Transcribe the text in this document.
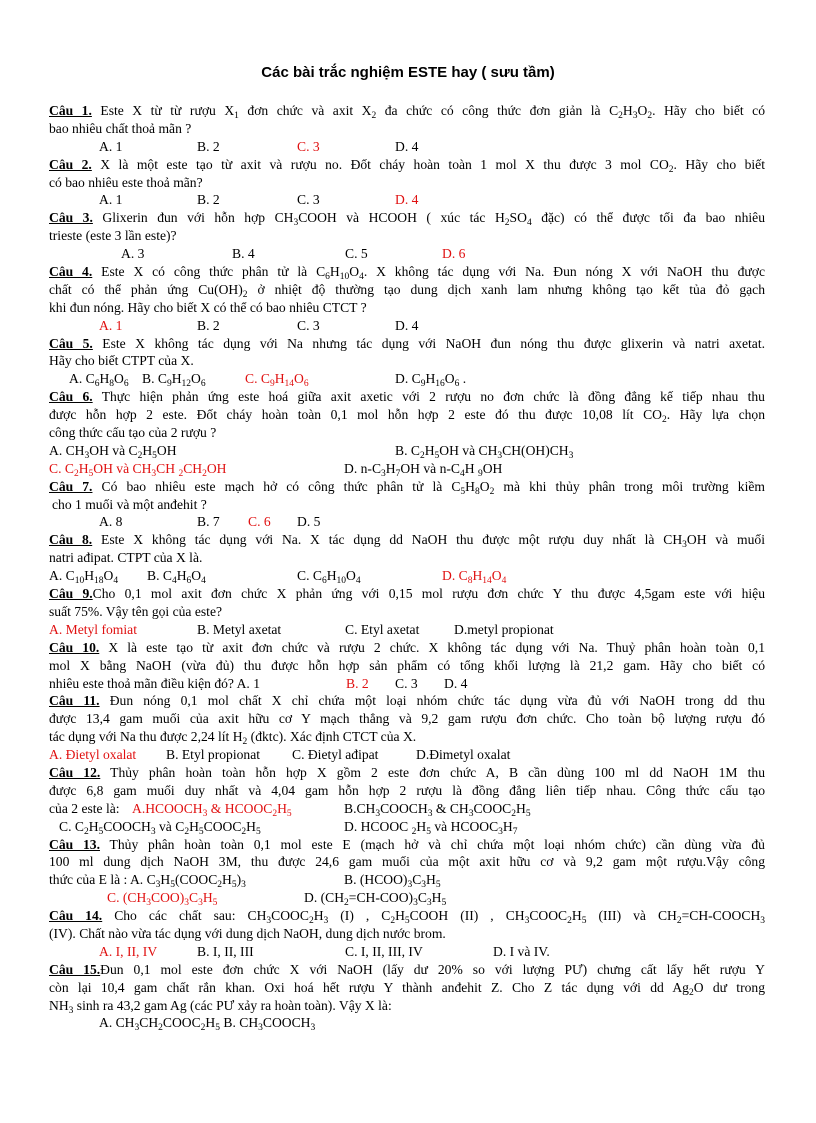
Các bài trắc nghiệm ESTE hay ( sưu tầm)
Câu 1. Este X từ từ rượu $X_1$ đơn chức và axit $X_2$ đa chức có công thức đơn giản là $C_2H_3O_2$. Hãy cho biết có
bao nhiêu chất thoả mãn ?
A. 1	B. 2	C. 3	D. 4
Câu 2. X là một este tạo từ axit và rượu no. Đốt cháy hoàn toàn 1 mol X thu được 3 mol $CO_2$. Hãy cho biết
có bao nhiêu este thoả mãn?
A. 1	B. 2	C. 3	D. 4
Câu 3. Glixerin đun với hỗn hợp $CH_3COOH$ và HCOOH ( xúc tác $H_2SO_4$ đặc) có thể được tối đa bao nhiêu
trieste (este 3 lần este)?
A. 3	B. 4	C. 5	D. 6
Câu 4. Este X có công thức phân tử là $C_6H_{10}O_4$. X không tác dụng với Na. Đun nóng X với NaOH thu được
chất có thể phản ứng $Cu(OH)_2$ ở nhiệt độ thường tạo dung dịch xanh lam nhưng không tạo kết tủa đỏ gạch
khi đun nóng. Hãy cho biết X có thể có bao nhiêu CTCT ?
A. 1	B. 2	C. 3	D. 4
Câu 5. Este X không tác dụng với Na nhưng tác dụng với NaOH đun nóng thu được glixerin và natri axetat.
Hãy cho biết CTPT của X.
A. $C_6H_8O_6$ B. $C_9H_{12}O_6$	C. $C_9H_{14}O_6$	D. $C_9H_{16}O_6$ .
Câu 6. Thực hiện phản ứng este hoá giữa axit axetic với 2 rượu no đơn chức là đồng đẳng kế tiếp nhau thu
được hỗn hợp 2 este. Đốt cháy hoàn toàn 0,1 mol hỗn hợp 2 este đó thu được 10,08 lít $CO_2$. Hãy lựa chọn
công thức cấu tạo của 2 rượu ?
A. $CH_3OH$ và $C_2H_5OH$	B. $C_2H_5OH$ và $CH_3CH(OH)CH_3$
C. $C_2H_5OH$ và $CH_3CH$ $_2CH_2OH$	D. $n-C_3H_7OH$ và $n-C_4H$ $_9$OH
Câu 7. Có bao nhiêu este mạch hở có công thức phân tử là $C_5H_8O_2$ mà khi thủy phân trong môi trường kiềm
cho 1 muối và một anđehit ?
A. 8	B. 7 C. 6 D. 5
Câu 8. Este X không tác dụng với Na. X tác dụng dd NaOH thu được một rượu duy nhất là $CH_3OH$ và muối
natri ađipat. CTPT của X là.
A. $C_{10}H_{18}O_4$ B. $C_4H_6O_4$	C. $C_6H_{10}O_4$	D. $C_8H_{14}O_4$
Câu 9.Cho 0,1 mol axit đơn chức X phản ứng với 0,15 mol rượu đơn chức Y thu được 4,5gam este với hiệu
suất 75%. Vậy tên gọi của este?
A. Metyl fomiat	B. Metyl axetat	C. Etyl axetat	D.metyl propionat
Câu 10. X là este tạo từ axit đơn chức và rượu 2 chức. X không tác dụng với Na. Thuỷ phân hoàn toàn 0,1
mol X bằng NaOH (vừa đủ) thu được hỗn hợp sản phẩm có tổng khối lượng là 21,2 gam. Hãy cho biết có
nhiêu este thoả mãn điều kiện đó? A. 1	B. 2 C. 3 D. 4
Câu 11. Đun nóng 0,1 mol chất X chỉ chứa một loại nhóm chức tác dụng vừa đủ với NaOH trong dd thu
được 13,4 gam muối của axit hữu cơ Y mạch thẳng và 9,2 gam rượu đơn chức. Cho toàn bộ lượng rượu đó
tác dụng với Na thu được 2,24 lít $H_2$ (đktc). Xác định CTCT của X.
A. Đietyl oxalat B. Etyl propionat C. Đietyl ađipat	D.Đimetyl oxalat
Câu 12. Thủy phân hoàn toàn hỗn hợp X gồm 2 este đơn chức A, B cần dùng 100 ml dd NaOH 1M thu
được 6,8 gam muối duy nhất và 4,04 gam hỗn hợp 2 rượu là đồng đẳng liên tiếp nhau. Công thức cấu tạo
của 2 este là: $A.HCOOCH_3$ & $HCOOC_2H_5$	$B.CH_3COOCH_3$ & $CH_3COOC_2H_5$
C. $C_2H_5COOCH_3$ và $C_2H_5COOC_2H_5$	D. HCOOC $_2H_5$ và $HCOOC_3H_7$
Câu 13. Thủy phân hoàn toàn 0,1 mol este E (mạch hở và chỉ chứa một loại nhóm chức) cần dùng vừa đủ
100 ml dung dịch NaOH 3M, thu được 24,6 gam muối của một axit hữu cơ và 9,2 gam một rượu.Vậy công
thức của E là : A. $C_3H_5(COOC_2H_5)_3$	B. $(HCOO)_3C_3H_5$
C. $(CH_3COO)_3C_3H_5$	D. $(CH_2=CH-COO)_3C_3H_5$
Câu 14. Cho các chất sau: $CH_3COOC_2H_3$ (I) , $C_2H_5COOH$ (II) , $CH_3COOC_2H_5$ (III) và $CH_2=CH-COOCH_3$
(IV). Chất nào vừa tác dụng với dung dịch NaOH, dung dịch nước brom.
A. I, II, IV	B. I, II, III	C. I, II, III, IV	D. I và IV.
Câu 15.Đun 0,1 mol este đơn chức X với NaOH (lấy dư 20% so với lượng PƯ) chưng cất lấy hết rượu Y
còn lại 10,4 gam chất rắn khan. Oxi hoá hết rượu Y thành anđehit Z. Cho Z tác dụng với dd $Ag_2O$ dư trong
$NH_3$ sinh ra 43,2 gam Ag (các PƯ xảy ra hoàn toàn). Vậy X là:
A. $CH_3CH_2COOC_2H_5$ B. $CH_3COOCH_3$
